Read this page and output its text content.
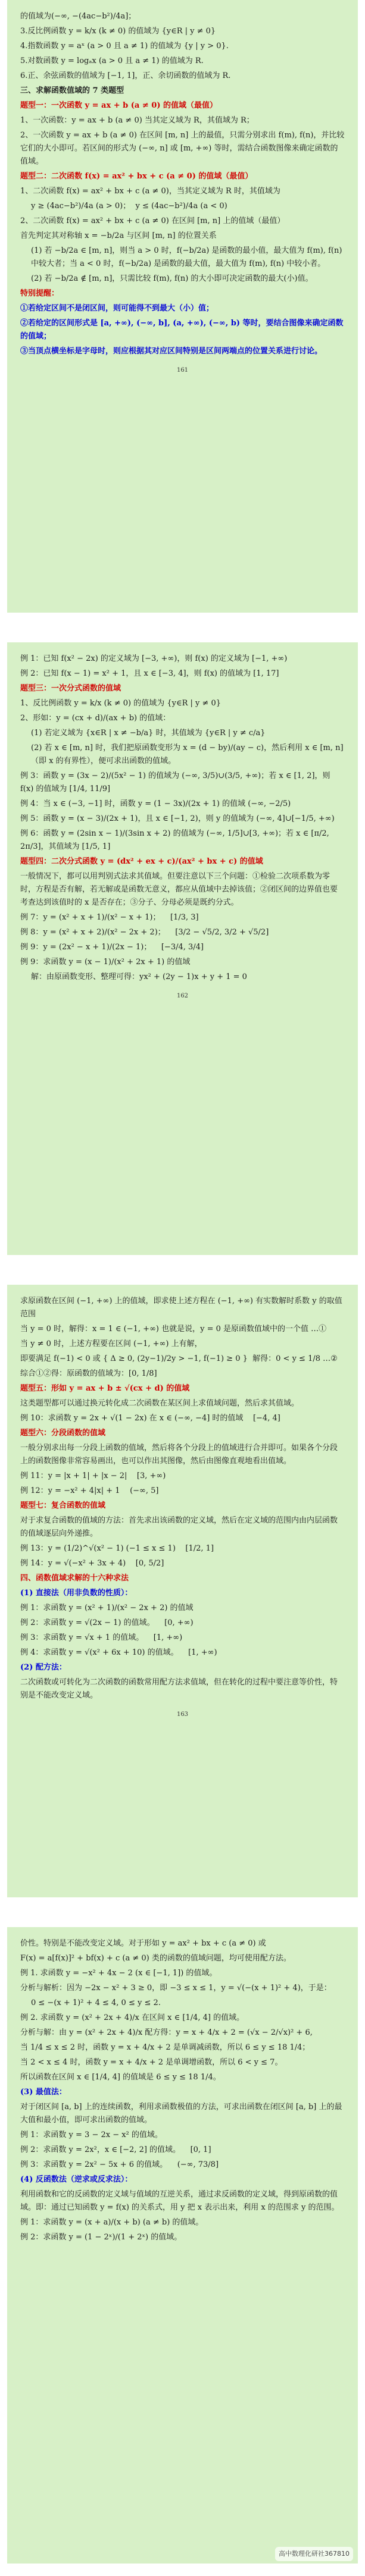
的值域为(−∞, −(4ac−b²)/4a]；
3.反比例函数 y = k/x (k ≠ 0) 的值域为 {y∈R | y ≠ 0}
4.指数函数 y = aˣ (a > 0 且 a ≠ 1) 的值域为 {y | y > 0}.
5.对数函数 y = logₐx (a > 0 且 a ≠ 1) 的值域为 R.
6.正、余弦函数的值域为 [−1, 1]，正、余切函数的值域为 R.
三、求解函数值域的 7 类题型
题型一：一次函数 y = ax + b (a ≠ 0) 的值域（最值）
1、一次函数：y = ax + b (a ≠ 0) 当其定义域为 R，其值域为 R；
2、一次函数 y = ax + b (a ≠ 0) 在区间 [m, n] 上的最值，只需分别求出 f(m), f(n)，并比较它们的大小即可。若区间的形式为 (−∞, n] 或 [m, +∞) 等时，需结合函数图像来确定函数的值域。
题型二：二次函数 f(x) = ax² + bx + c (a ≠ 0) 的值域（最值）
1、二次函数 f(x) = ax² + bx + c (a ≠ 0)，当其定义域为 R 时，其值域为
y ≥ (4ac−b²)/4a (a > 0)；  y ≤ (4ac−b²)/4a (a < 0)
2、二次函数 f(x) = ax² + bx + c (a ≠ 0) 在区间 [m, n] 上的值域（最值）
首先判定其对称轴 x = −b/2a 与区间 [m, n] 的位置关系
(1) 若 −b/2a ∈ [m, n]，则当 a > 0 时，f(−b/2a) 是函数的最小值，最大值为 f(m), f(n) 中较大者；当 a < 0 时，f(−b/2a) 是函数的最大值，最大值为 f(m), f(n) 中较小者。
(2) 若 −b/2a ∉ [m, n]，只需比较 f(m), f(n) 的大小即可决定函数的最大(小)值。
特别提醒：
①若给定区间不是闭区间，则可能得不到最大（小）值；
②若给定的区间形式是 [a, +∞), (−∞, b], (a, +∞), (−∞, b) 等时，要结合图像来确定函数的值域；
③当顶点横坐标是字母时，则应根据其对应区间特别是区间两端点的位置关系进行讨论。
161
例 1：已知 f(x² − 2x) 的定义域为 [−3, +∞)，则 f(x) 的定义域为 [−1, +∞)
例 2：已知 f(x − 1) = x² + 1，且 x ∈ [−3, 4]，则 f(x) 的值域为 [1, 17]
题型三：一次分式函数的值域
1、反比例函数 y = k/x (k ≠ 0) 的值域为 {y∈R | y ≠ 0}
2、形如：y = (cx + d)/(ax + b) 的值域：
(1) 若定义域为 {x∈R | x ≠ −b/a} 时，其值域为 {y∈R | y ≠ c/a}
(2) 若 x ∈ [m, n] 时，我们把原函数变形为 x = (d − by)/(ay − c)，然后利用 x ∈ [m, n]（即 x 的有界性），便可求出函数的值域。
例 3：函数 y = (3x − 2)/(5x² − 1) 的值域为 (−∞, 3/5)∪(3/5, +∞)；若 x ∈ [1, 2]，则 f(x) 的值域为 [1/4, 11/9]
例 4：当 x ∈ (−3, −1] 时，函数 y = (1 − 3x)/(2x + 1) 的值域 (−∞, −2/5)
例 5：函数 y = (x − 3)/(2x + 1)，且 x ∈ [−1, 2)，则 y 的值域为 (−∞, 4]∪[−1/5, +∞)
例 6：函数 y = (2sin x − 1)/(3sin x + 2) 的值域为 (−∞, 1/5]∪[3, +∞)；若 x ∈ [π/2, 2π/3]，其值域为 [1/5, 1]
题型四：二次分式函数 y = (dx² + ex + c)/(ax² + bx + c) 的值域
一般情况下，都可以用判别式法求其值域。但要注意以下三个问题：①检验二次项系数为零时，方程是否有解，若无解或是函数无意义，都应从值域中去掉该值；②闭区间的边界值也要考查达到该值时的 x 是否存在；③分子、分母必须是既约分式。
例 7：y = (x² + x + 1)/(x² − x + 1)；    [1/3, 3]
例 8：y = (x² + x + 2)/(x² − 2x + 2)；    [3/2 − √5/2, 3/2 + √5/2]
例 9：y = (2x² − x + 1)/(2x − 1)；    [−3/4, 3/4]
例 9：求函数 y = (x − 1)/(x² + 2x + 1) 的值域
解：由原函数变形、整理可得：yx² + (2y − 1)x + y + 1 = 0
162
求原函数在区间 (−1, +∞) 上的值域，即求使上述方程在 (−1, +∞) 有实数解时系数 y 的取值范围
当 y = 0 时，解得：x = 1 ∈ (−1, +∞) 也就是说，y = 0 是原函数值域中的一个值 …①
当 y ≠ 0 时，上述方程要在区间 (−1, +∞) 上有解，
即要满足 f(−1) < 0 或 { Δ ≥ 0, (2y−1)/2y > −1, f(−1) ≥ 0 }  解得：0 < y ≤ 1/8 …②
综合①②得：原函数的值域为：[0, 1/8]
题型五：形如 y = ax + b ± √(cx + d) 的值域
这类题型都可以通过换元转化成二次函数在某区间上求值域问题，然后求其值域。
例 10：求函数 y = 2x + √(1 − 2x) 在 x ∈ (−∞, −4] 时的值域    [−4, 4]
题型六：分段函数的值域
一般分别求出每一分段上函数的值域，然后将各个分段上的值域进行合并即可。如果各个分段上的函数图像非常容易画出，也可以作出其图像，然后由图像直观地看出值域。
例 11：y = |x + 1| + |x − 2|    [3, +∞)
例 12：y = −x² + 4|x| + 1    (−∞, 5]
题型七：复合函数的值域
对于求复合函数的值域的方法：首先求出该函数的定义域，然后在定义域的范围内由内层函数的值域逐层向外递推。
例 13：y = (1/2)^√(x² − 1) (−1 ≤ x ≤ 1)    [1/2, 1]
例 14：y = √(−x² + 3x + 4)    [0, 5/2]
四、函数值域求解的十六种求法
(1) 直接法（用非负数的性质）：
例 1：求函数 y = (x² + 1)/(x² − 2x + 2) 的值域
例 2：求函数 y = √(2x − 1) 的值域。    [0, +∞)
例 3：求函数 y = √x + 1 的值域。    [1, +∞)
例 4：求函数 y = √(x² + 6x + 10) 的值域。    [1, +∞)
(2) 配方法：
二次函数或可转化为二次函数的函数常用配方法求值域，但在转化的过程中要注意等价性，特别是不能改变定义域。
163
价性。特别是不能改变定义域。对于形如 y = ax² + bx + c (a ≠ 0) 或
F(x) = a[f(x)]² + bf(x) + c (a ≠ 0) 类的函数的值域问题，均可使用配方法。
例 1. 求函数 y = −x² + 4x − 2 (x ∈ [−1, 1]) 的值域。
分析与解析：因为 −2x − x² + 3 ≥ 0，即 −3 ≤ x ≤ 1，y = √(−(x + 1)² + 4)，于是：
0 ≤ −(x + 1)² + 4 ≤ 4, 0 ≤ y ≤ 2.
例 2. 求函数 y = (x² + 2x + 4)/x 在区间 x ∈ [1/4, 4] 的值域。
分析与解：由 y = (x² + 2x + 4)/x 配方得：y = x + 4/x + 2 = (√x − 2/√x)² + 6,
当 1/4 ≤ x ≤ 2 时，函数 y = x + 4/x + 2 是单调减函数，所以 6 ≤ y ≤ 18 1/4；
当 2 < x ≤ 4 时，函数 y = x + 4/x + 2 是单调增函数，所以 6 < y ≤ 7。
所以函数在区间 x ∈ [1/4, 4] 的值域是 6 ≤ y ≤ 18 1/4。
(3) 最值法：
对于闭区间 [a, b] 上的连续函数，利用求函数极值的方法，可求出函数在闭区间 [a, b] 上的最大值和最小值，即可求出函数的值域。
例 1：求函数 y = 3 − 2x − x² 的值域。
例 2：求函数 y = 2x²，x ∈ [−2, 2] 的值域。    [0, 1]
例 3：求函数 y = 2x² − 5x + 6 的值域。    (−∞, 73/8]
(4) 反函数法（逆求或反求法）：
利用函数和它的反函数的定义域与值域的互逆关系，通过求反函数的定义域，得到原函数的值域。即：通过已知函数 y = f(x) 的关系式，用 y 把 x 表示出来，利用 x 的范围求 y 的范围。
例 1：求函数 y = (x + a)/(x + b) (a ≠ b) 的值域。
例 2：求函数 y = (1 − 2ˣ)/(1 + 2ˣ) 的值域。
高中数理化研社367810
